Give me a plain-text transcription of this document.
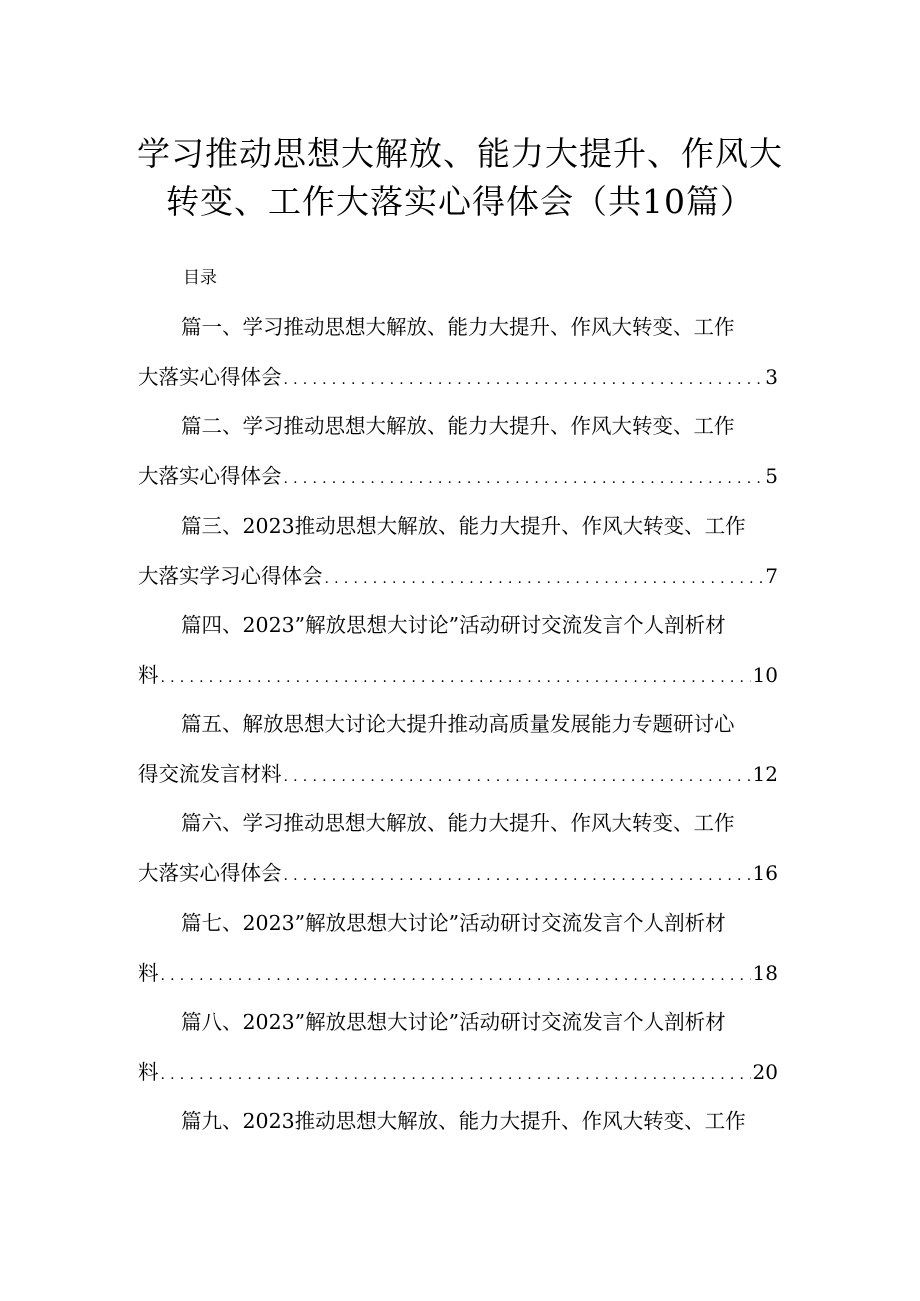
学习推动思想大解放、能力大提升、作风大
转变、工作大落实心得体会（共10篇）
目录
篇一、学习推动思想大解放、能力大提升、作风大转变、工作
大落实心得体会 .....	3
篇二、学习推动思想大解放、能力大提升、作风大转变、工作
大落实心得体会 .....	5
篇三、2023推动思想大解放、能力大提升、作风大转变、工作
大落实学习心得体会 .....	7
篇四、2023”解放思想大讨论”活动研讨交流发言个人剖析材
料 .....	10
篇五、解放思想大讨论大提升推动高质量发展能力专题研讨心
得交流发言材料 .....	12
篇六、学习推动思想大解放、能力大提升、作风大转变、工作
大落实心得体会 .....	16
篇七、2023”解放思想大讨论”活动研讨交流发言个人剖析材
料 .....	18
篇八、2023”解放思想大讨论”活动研讨交流发言个人剖析材
料 .....	20
篇九、2023推动思想大解放、能力大提升、作风大转变、工作
